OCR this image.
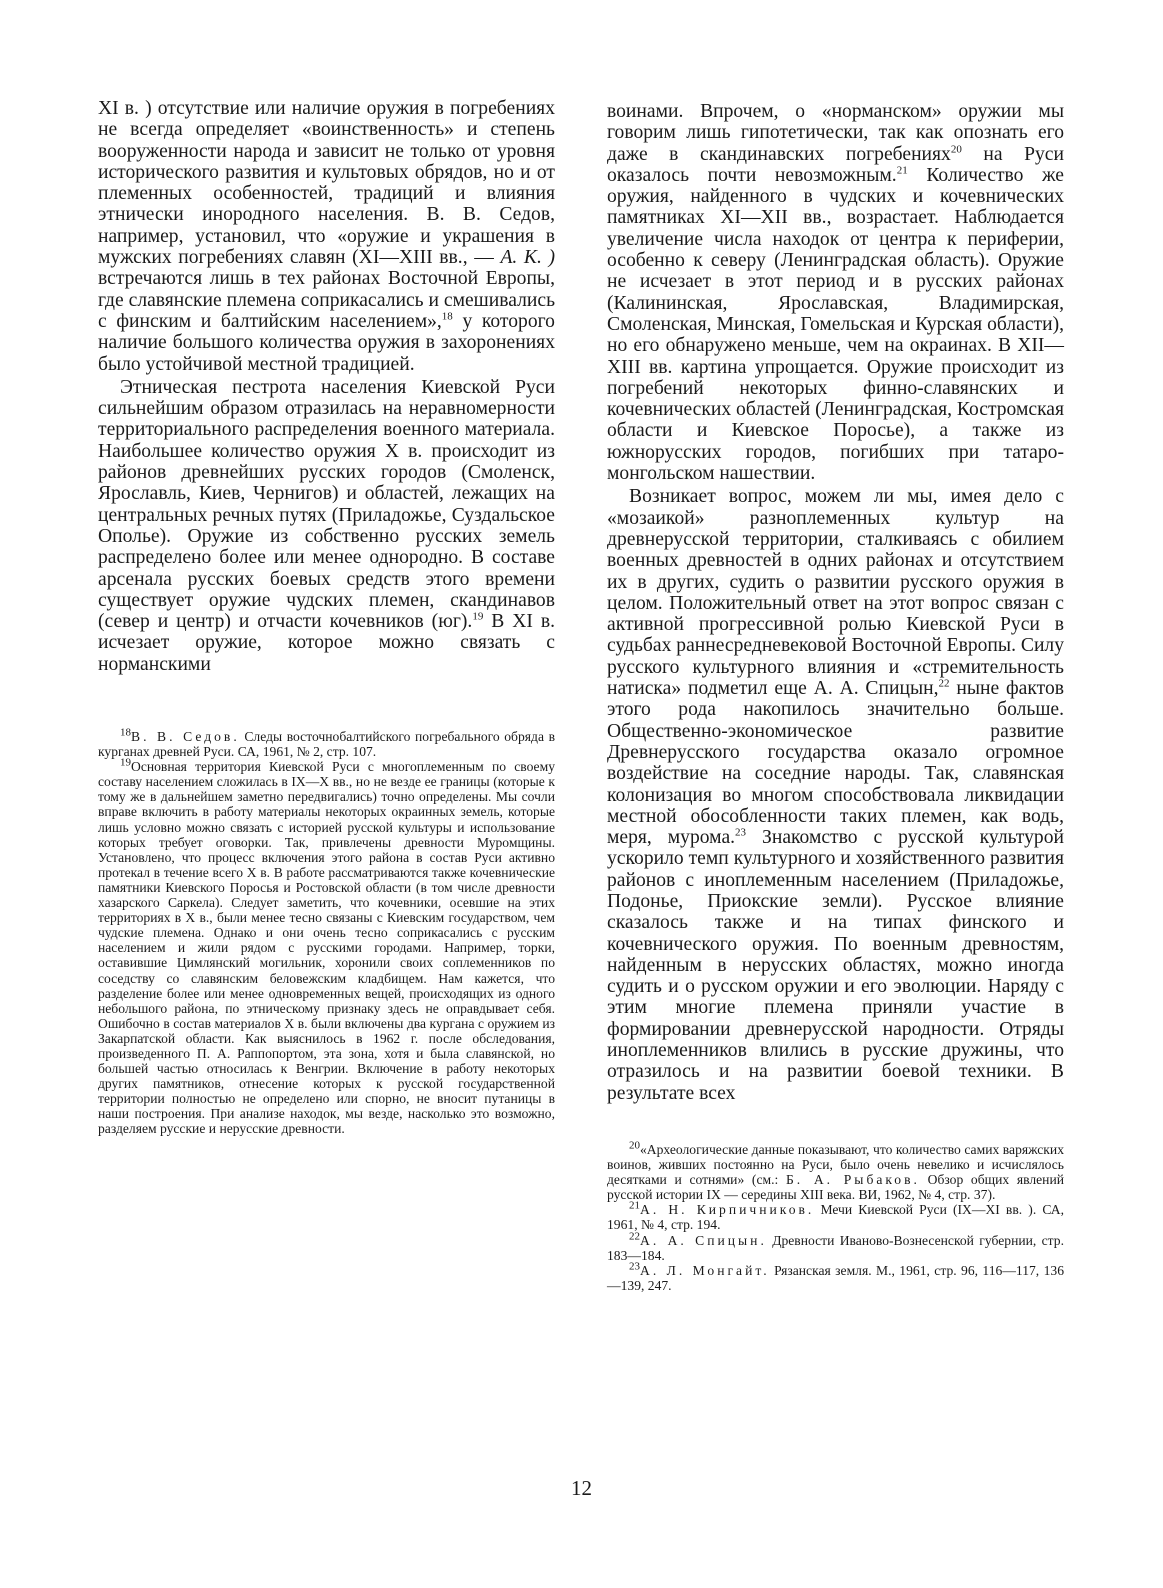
XI в. ) отсутствие или наличие оружия в погребениях не всегда определяет «воинственность» и степень вооруженности народа и зависит не только от уровня исторического развития и культовых обрядов, но и от племенных особенностей, традиций и влияния этнически инородного населения. В. В. Седов, например, установил, что «оружие и украшения в мужских погребениях славян (XI—XIII вв., — А. К. ) встречаются лишь в тех районах Восточной Европы, где славянские племена соприкасались и смешивались с финским и балтийским населением»,$^{18}$ у которого наличие большого количества оружия в захоронениях было устойчивой местной традицией.

Этническая пестрота населения Киевской Руси сильнейшим образом отразилась на неравномерности территориального распределения военного материала. Наибольшее количество оружия X в. происходит из районов древнейших русских городов (Смоленск, Ярославль, Киев, Чернигов) и областей, лежащих на центральных речных путях (Приладожье, Суздальское Ополье). Оружие из собственно русских земель распределено более или менее однородно. В составе арсенала русских боевых средств этого времени существует оружие чудских племен, скандинавов (север и центр) и отчасти кочевников (юг).$^{19}$ В XI в. исчезает оружие, которое можно связать с норманскими

$^{18}$В. В. Седов. Следы восточнобалтийского погребального обряда в курганах древней Руси. СА, 1961, № 2, стр. 107.

$^{19}$Основная территория Киевской Руси с многоплеменным по своему составу населением сложилась в IX—X вв., но не везде ее границы (которые к тому же в дальнейшем заметно передвигались) точно определены. Мы сочли вправе включить в работу материалы некоторых окраинных земель, которые лишь условно можно связать с историей русской культуры и использование которых требует оговорки. Так, привлечены древности Муромщины. Установлено, что процесс включения этого района в состав Руси активно протекал в течение всего X в. В работе рассматриваются также кочевнические памятники Киевского Поросья и Ростовской области (в том числе древности хазарского Саркела). Следует заметить, что кочевники, осевшие на этих территориях в X в., были менее тесно связаны с Киевским государством, чем чудские племена. Однако и они очень тесно соприкасались с русским населением и жили рядом с русскими городами. Например, торки, оставившие Цимлянский могильник, хоронили своих соплеменников по соседству со славянским беловежским кладбищем. Нам кажется, что разделение более или менее одновременных вещей, происходящих из одного небольшого района, по этническому признаку здесь не оправдывает себя. Ошибочно в состав материалов X в. были включены два кургана с оружием из Закарпатской области. Как выяснилось в 1962 г. после обследования, произведенного П. А. Раппопортом, эта зона, хотя и была славянской, но большей частью относилась к Венгрии. Включение в работу некоторых других памятников, отнесение которых к русской государственной территории полностью не определено или спорно, не вносит путаницы в наши построения. При анализе находок, мы везде, насколько это возможно, разделяем русские и нерусские древности.

воинами. Впрочем, о «норманском» оружии мы говорим лишь гипотетически, так как опознать его даже в скандинавских погребениях$^{20}$ на Руси оказалось почти невозможным.$^{21}$ Количество же оружия, найденного в чудских и кочевнических памятниках XI—XII вв., возрастает. Наблюдается увеличение числа находок от центра к периферии, особенно к северу (Ленинградская область). Оружие не исчезает в этот период и в русских районах (Калининская, Ярославская, Владимирская, Смоленская, Минская, Гомельская и Курская области), но его обнаружено меньше, чем на окраинах. В XII—XIII вв. картина упрощается. Оружие происходит из погребений некоторых финно-славянских и кочевнических областей (Ленинградская, Костромская области и Киевское Поросье), а также из южнорусских городов, погибших при татаро-монгольском нашествии.

Возникает вопрос, можем ли мы, имея дело с «мозаикой» разноплеменных культур на древнерусской территории, сталкиваясь с обилием военных древностей в одних районах и отсутствием их в других, судить о развитии русского оружия в целом. Положительный ответ на этот вопрос связан с активной прогрессивной ролью Киевской Руси в судьбах раннесредневековой Восточной Европы. Силу русского культурного влияния и «стремительность натиска» подметил еще А. А. Спицын,$^{22}$ ныне фактов этого рода накопилось значительно больше. Общественно-экономическое развитие Древнерусского государства оказало огромное воздействие на соседние народы. Так, славянская колонизация во многом способствовала ликвидации местной обособленности таких племен, как водь, меря, мурома.$^{23}$ Знакомство с русской культурой ускорило темп культурного и хозяйственного развития районов с иноплеменным населением (Приладожье, Подонье, Приокские земли). Русское влияние сказалось также и на типах финского и кочевнического оружия. По военным древностям, найденным в нерусских областях, можно иногда судить и о русском оружии и его эволюции. Наряду с этим многие племена приняли участие в формировании древнерусской народности. Отряды иноплеменников влились в русские дружины, что отразилось и на развитии боевой техники. В результате всех

$^{20}$«Археологические данные показывают, что количество самих варяжских воинов, живших постоянно на Руси, было очень невелико и исчислялось десятками и сотнями» (см.: Б. А. Рыбаков. Обзор общих явлений русской истории IX — середины XIII века. ВИ, 1962, № 4, стр. 37).

$^{21}$А. Н. Кирпичников. Мечи Киевской Руси (IX—XI вв. ). СА, 1961, № 4, стр. 194.

$^{22}$А. А. Спицын. Древности Иваново-Вознесенской губернии, стр. 183—184.

$^{23}$А. Л. Монгайт. Рязанская земля. М., 1961, стр. 96, 116—117, 136—139, 247.

12
